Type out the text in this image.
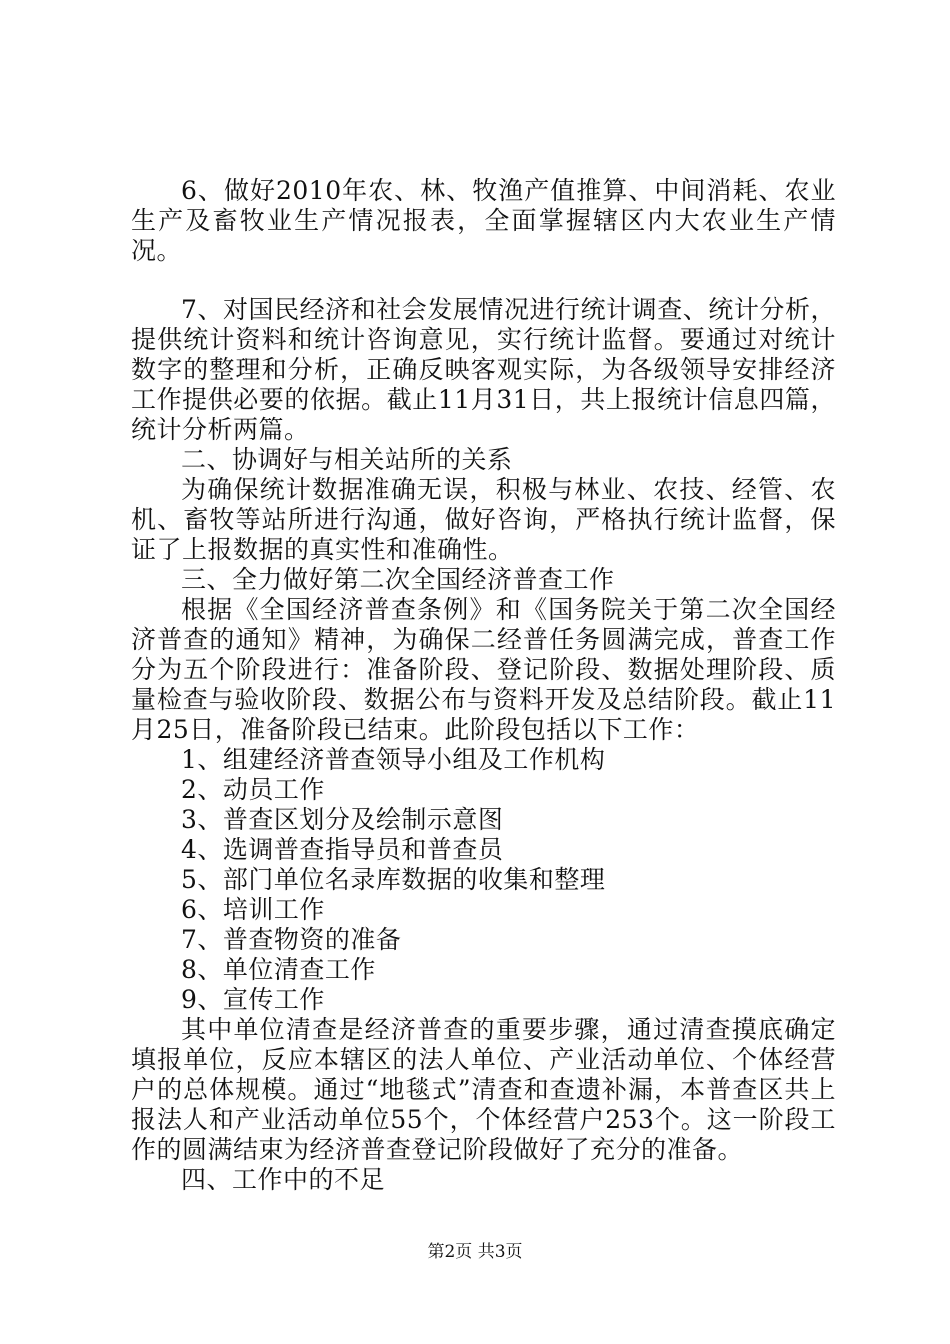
6、做好2010年农、林、牧渔产值推算、中间消耗、农业生产及畜牧业生产情况报表，全面掌握辖区内大农业生产情况。

7、对国民经济和社会发展情况进行统计调查、统计分析，提供统计资料和统计咨询意见，实行统计监督。要通过对统计数字的整理和分析，正确反映客观实际，为各级领导安排经济工作提供必要的依据。截止11月31日，共上报统计信息四篇，统计分析两篇。

二、协调好与相关站所的关系

为确保统计数据准确无误，积极与林业、农技、经管、农机、畜牧等站所进行沟通，做好咨询，严格执行统计监督，保证了上报数据的真实性和准确性。

三、全力做好第二次全国经济普查工作

根据《全国经济普查条例》和《国务院关于第二次全国经济普查的通知》精神，为确保二经普任务圆满完成，普查工作分为五个阶段进行：准备阶段、登记阶段、数据处理阶段、质量检查与验收阶段、数据公布与资料开发及总结阶段。截止11月25日，准备阶段已结束。此阶段包括以下工作：

1、组建经济普查领导小组及工作机构

2、动员工作

3、普查区划分及绘制示意图

4、选调普查指导员和普查员

5、部门单位名录库数据的收集和整理

6、培训工作

7、普查物资的准备

8、单位清查工作

9、宣传工作

其中单位清查是经济普查的重要步骤，通过清查摸底确定填报单位，反应本辖区的法人单位、产业活动单位、个体经营户的总体规模。通过“地毯式”清查和查遗补漏，本普查区共上报法人和产业活动单位55个，个体经营户253个。这一阶段工作的圆满结束为经济普查登记阶段做好了充分的准备。

四、工作中的不足

第2页 共3页
